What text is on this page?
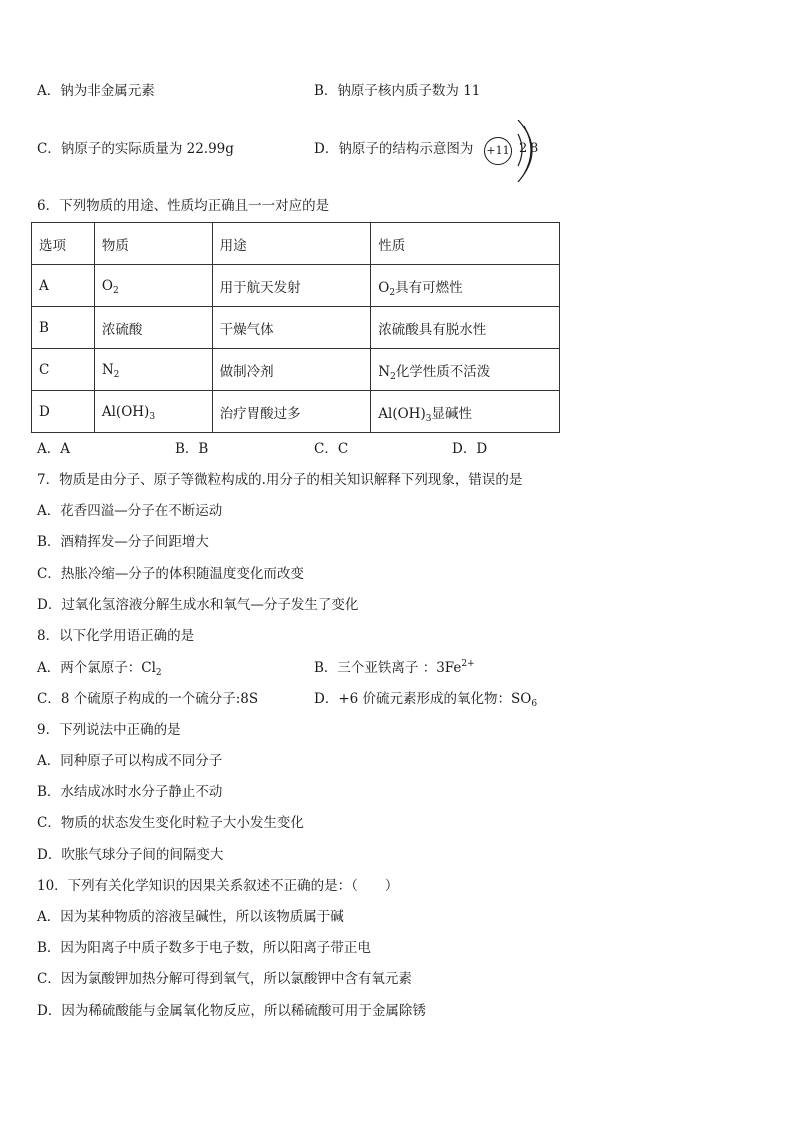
A．钠为非金属元素	B．钠原子核内质子数为 11
C．钠原子的实际质量为 22.99g	D．钠原子的结构示意图为 +11 2 8
6．下列物质的用途、性质均正确且一一对应的是
选项	物质	用途	性质
A	$O_2$	用于航天发射	$O_2$具有可燃性
B	浓硫酸	干燥气体	浓硫酸具有脱水性
C	$N_2$	做制冷剂	$N_2$化学性质不活泼
D	$Al(OH)_3$	治疗胃酸过多	$Al(OH)_3$显碱性
A．A	B．B	C．C	D．D
7．物质是由分子、原子等微粒构成的.用分子的相关知识解释下列现象，错误的是
A．花香四溢—分子在不断运动
B．酒精挥发—分子间距增大
C．热胀冷缩—分子的体积随温度变化而改变
D．过氧化氢溶液分解生成水和氧气—分子发生了变化
8．以下化学用语正确的是
A．两个氯原子：$Cl_2$	B．三个亚铁离子 ：$3Fe^{2+}$
C．8 个硫原子构成的一个硫分子:8S	D．+6 价硫元素形成的氧化物：$SO_6$
9．下列说法中正确的是
A．同种原子可以构成不同分子
B．水结成冰时水分子静止不动
C．物质的状态发生变化时粒子大小发生变化
D．吹胀气球分子间的间隔变大
10．下列有关化学知识的因果关系叙述不正确的是：（　　）
A．因为某种物质的溶液呈碱性，所以该物质属于碱
B．因为阳离子中质子数多于电子数，所以阳离子带正电
C．因为氯酸钾加热分解可得到氧气，所以氯酸钾中含有氧元素
D．因为稀硫酸能与金属氧化物反应，所以稀硫酸可用于金属除锈
